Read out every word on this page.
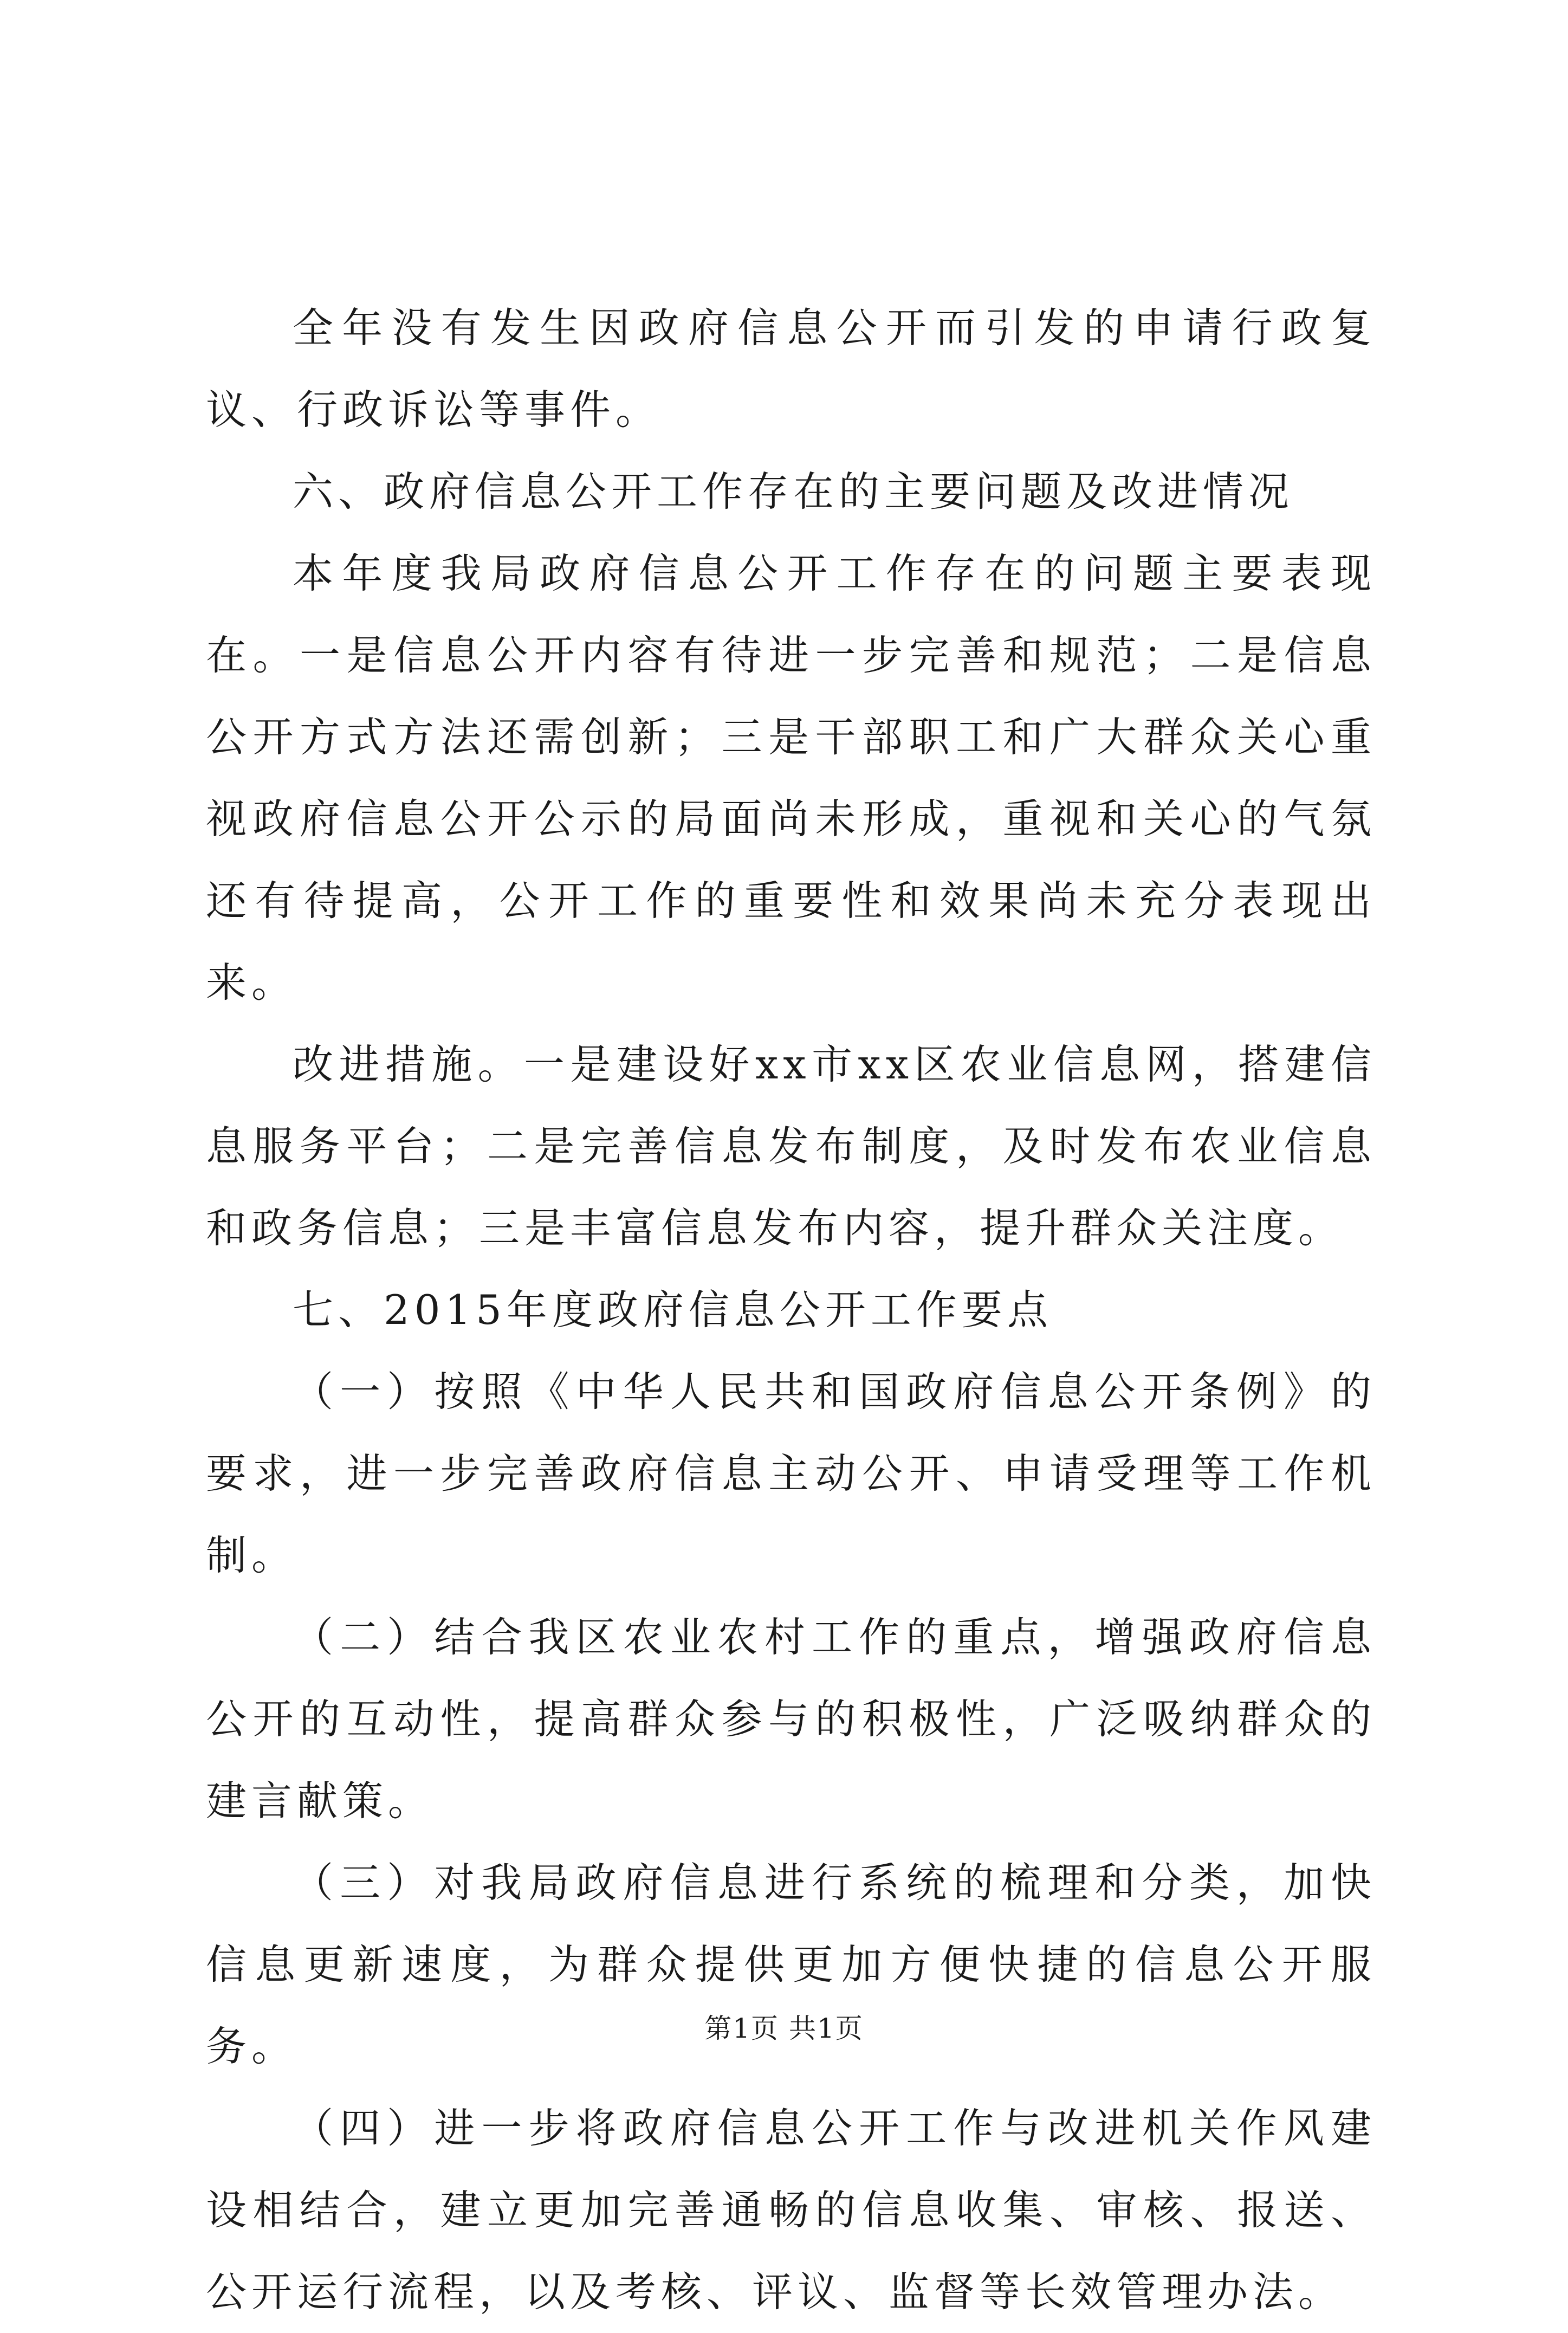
全年没有发生因政府信息公开而引发的申请行政复议、行政诉讼等事件。

六、政府信息公开工作存在的主要问题及改进情况

本年度我局政府信息公开工作存在的问题主要表现在。一是信息公开内容有待进一步完善和规范；二是信息公开方式方法还需创新；三是干部职工和广大群众关心重视政府信息公开公示的局面尚未形成，重视和关心的气氛还有待提高，公开工作的重要性和效果尚未充分表现出来。

改进措施。一是建设好xx市xx区农业信息网，搭建信息服务平台；二是完善信息发布制度，及时发布农业信息和政务信息；三是丰富信息发布内容，提升群众关注度。

七、2015年度政府信息公开工作要点

（一）按照《中华人民共和国政府信息公开条例》的要求，进一步完善政府信息主动公开、申请受理等工作机制。

（二）结合我区农业农村工作的重点，增强政府信息公开的互动性，提高群众参与的积极性，广泛吸纳群众的建言献策。

（三）对我局政府信息进行系统的梳理和分类，加快信息更新速度，为群众提供更加方便快捷的信息公开服务。

（四）进一步将政府信息公开工作与改进机关作风建设相结合，建立更加完善通畅的信息收集、审核、报送、公开运行流程，以及考核、评议、监督等长效管理办法。

第1页 共1页
